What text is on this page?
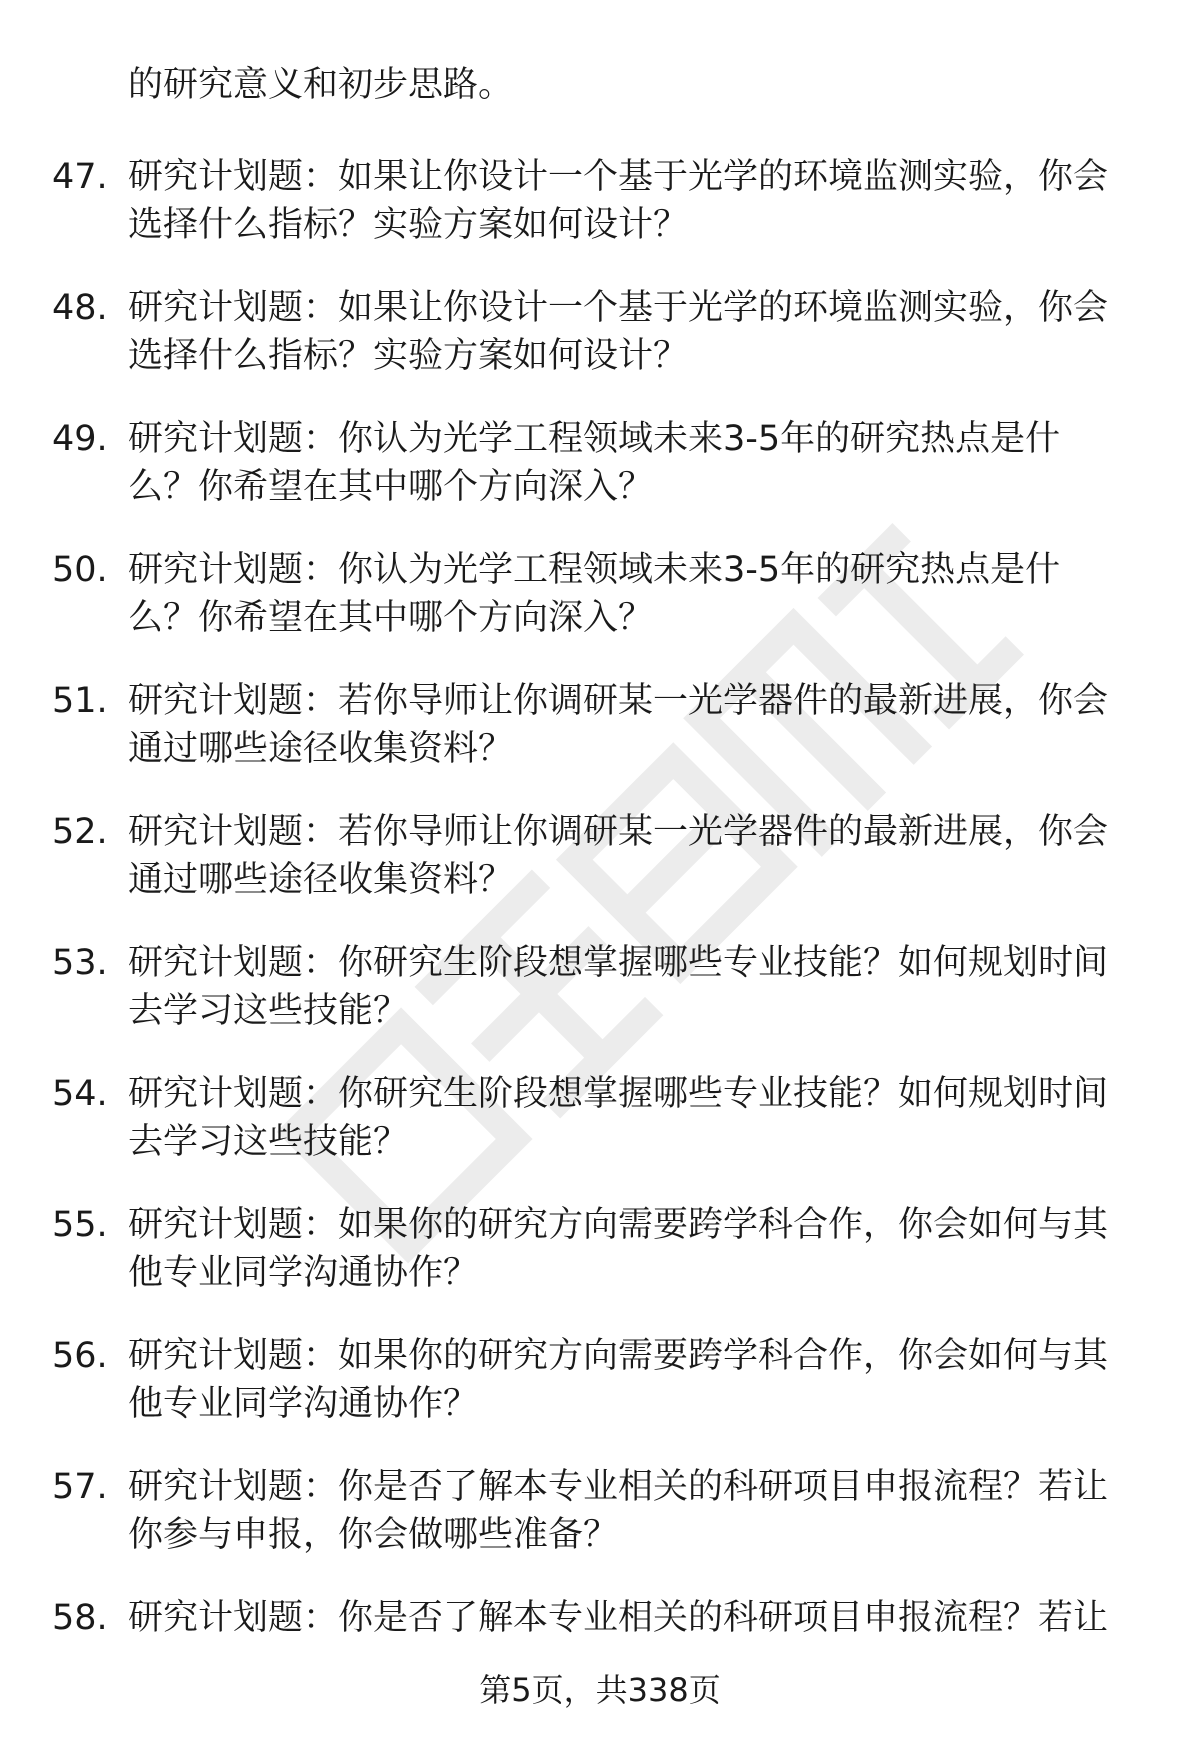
的研究意义和初步思路。
47. 研究计划题：如果让你设计一个基于光学的环境监测实验，你会
选择什么指标？实验方案如何设计？
48. 研究计划题：如果让你设计一个基于光学的环境监测实验，你会
选择什么指标？实验方案如何设计？
49. 研究计划题：你认为光学工程领域未来3-5年的研究热点是什
么？你希望在其中哪个方向深入？
50. 研究计划题：你认为光学工程领域未来3-5年的研究热点是什
么？你希望在其中哪个方向深入？
51. 研究计划题：若你导师让你调研某一光学器件的最新进展，你会
通过哪些途径收集资料？
52. 研究计划题：若你导师让你调研某一光学器件的最新进展，你会
通过哪些途径收集资料？
53. 研究计划题：你研究生阶段想掌握哪些专业技能？如何规划时间
去学习这些技能？
54. 研究计划题：你研究生阶段想掌握哪些专业技能？如何规划时间
去学习这些技能？
55. 研究计划题：如果你的研究方向需要跨学科合作，你会如何与其
他专业同学沟通协作？
56. 研究计划题：如果你的研究方向需要跨学科合作，你会如何与其
他专业同学沟通协作？
57. 研究计划题：你是否了解本专业相关的科研项目申报流程？若让
你参与申报，你会做哪些准备？
58. 研究计划题：你是否了解本专业相关的科研项目申报流程？若让
第5页，共338页
